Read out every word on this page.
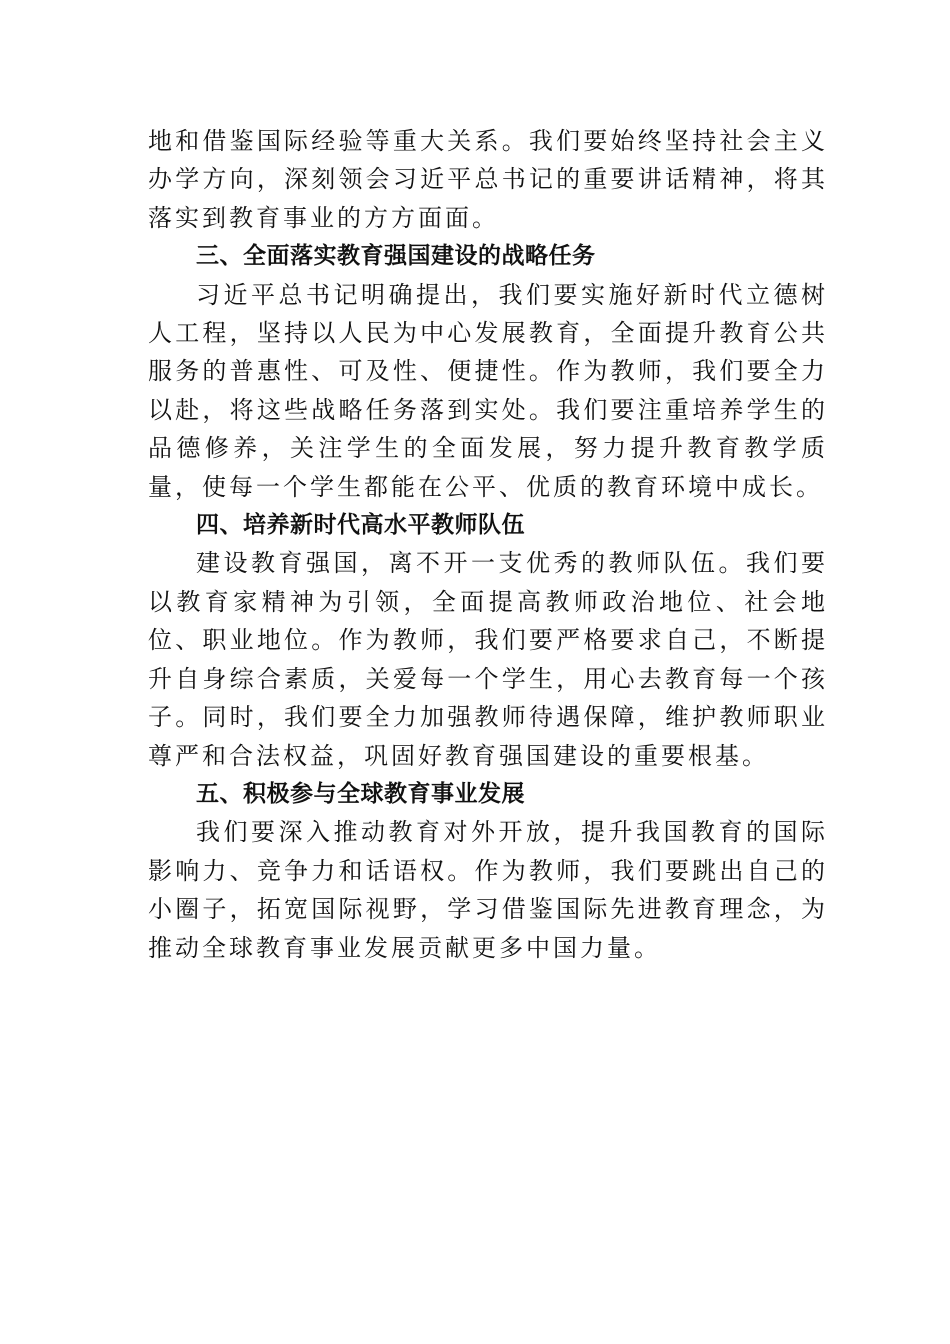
地和借鉴国际经验等重大关系。我们要始终坚持社会主义办学方向，深刻领会习近平总书记的重要讲话精神，将其落实到教育事业的方方面面。

三、全面落实教育强国建设的战略任务

习近平总书记明确提出，我们要实施好新时代立德树人工程，坚持以人民为中心发展教育，全面提升教育公共服务的普惠性、可及性、便捷性。作为教师，我们要全力以赴，将这些战略任务落到实处。我们要注重培养学生的品德修养，关注学生的全面发展，努力提升教育教学质量，使每一个学生都能在公平、优质的教育环境中成长。

四、培养新时代高水平教师队伍

建设教育强国，离不开一支优秀的教师队伍。我们要以教育家精神为引领，全面提高教师政治地位、社会地位、职业地位。作为教师，我们要严格要求自己，不断提升自身综合素质，关爱每一个学生，用心去教育每一个孩子。同时，我们要全力加强教师待遇保障，维护教师职业尊严和合法权益，巩固好教育强国建设的重要根基。

五、积极参与全球教育事业发展

我们要深入推动教育对外开放，提升我国教育的国际影响力、竞争力和话语权。作为教师，我们要跳出自己的小圈子，拓宽国际视野，学习借鉴国际先进教育理念，为推动全球教育事业发展贡献更多中国力量。
